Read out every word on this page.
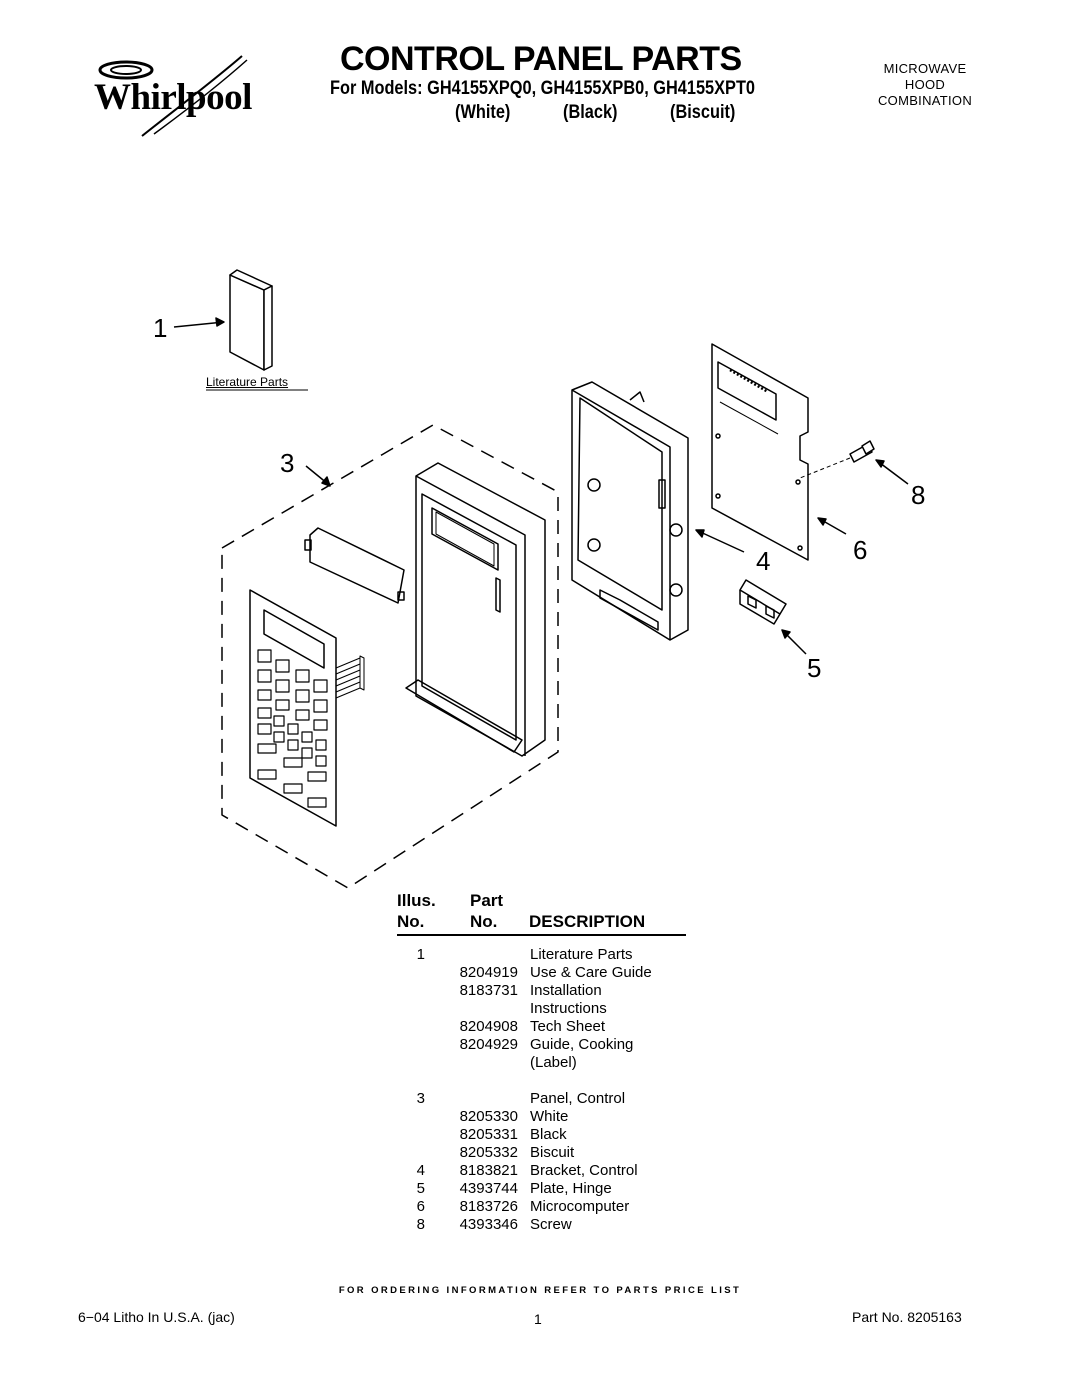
Whirlpool
CONTROL PANEL PARTS
For Models: GH4155XPQ0, GH4155XPB0, GH4155XPT0
(White)	(Black)	(Biscuit)
MICROWAVE
HOOD
COMBINATION
1
3
8
6
4
5
Literature Parts
Illus. Part
No.	No. DESCRIPTION
1	Literature Parts
8204919 Use & Care Guide
8183731 Installation
Instructions
8204908 Tech Sheet
8204929 Guide, Cooking
(Label)
3	Panel, Control
8205330 White
8205331 Black
8205332 Biscuit
4	8183821 Bracket, Control
5	4393744 Plate, Hinge
6	8183726 Microcomputer
8	4393346 Screw
FOR ORDERING INFORMATION REFER TO PARTS PRICE LIST
6−04 Litho In U.S.A. (jac)	1	Part No. 8205163
